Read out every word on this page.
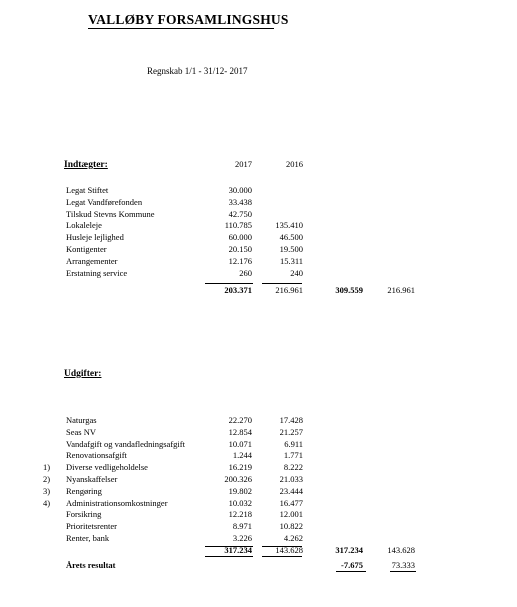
VALLØBY FORSAMLINGSHUS
Regnskab 1/1 - 31/12- 2017
Indtægter:	2017	2016
Legat Stiftet	30.000
Legat Vandførefonden	33.438
Tilskud Stevns Kommune	42.750
Lokaleleje	110.785	135.410
Husleje lejlighed	60.000	46.500
Kontigenter	20.150	19.500
Arrangementer	12.176	15.311
Erstatning service	260	240
203.371	216.961	309.559	216.961
Udgifter:
Naturgas	22.270	17.428
Seas NV	12.854	21.257
Vandafgift og vandafledningsafgift	10.071	6.911
Renovationsafgift	1.244	1.771
1) Diverse vedligeholdelse	16.219	8.222
2) Nyanskaffelser	200.326	21.033
3) Rengøring	19.802	23.444
4) Administrationsomkostninger	10.032	16.477
Forsikring	12.218	12.001
Prioritetsrenter	8.971	10.822
Renter, bank	3.226	4.262
317.234	143.628	317.234	143.628
Årets resultat	-7.675	73.333
